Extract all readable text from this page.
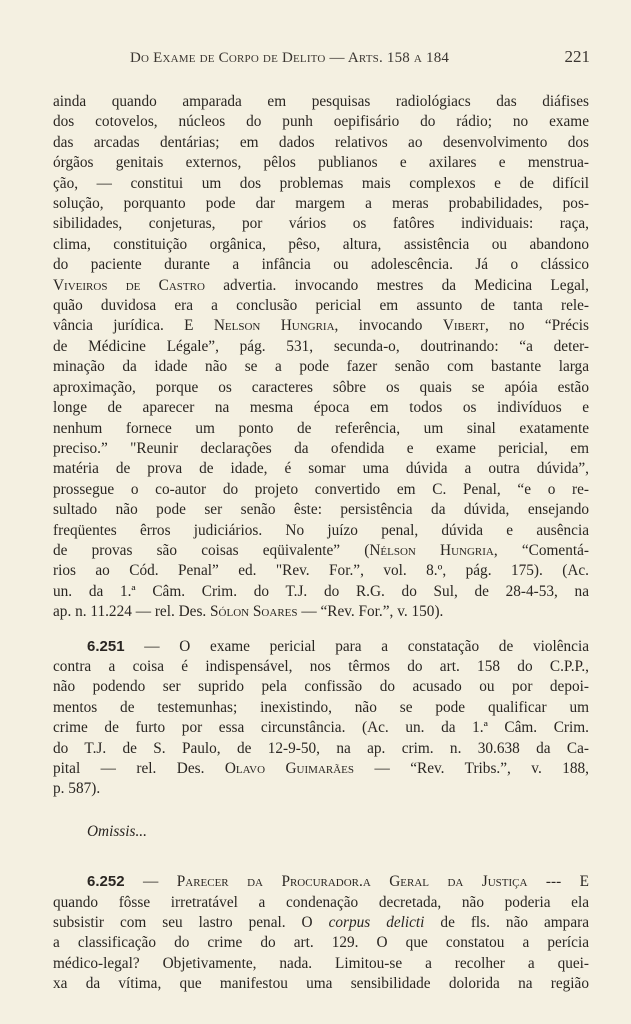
Do Exame de Corpo de Delito — Arts. 158 a 184	221
ainda quando amparada em pesquisas radiológiacs das diáfises
dos cotovelos, núcleos do punh oepifisário do rádio; no exame
das arcadas dentárias; em dados relativos ao desenvolvimento dos
órgãos genitais externos, pêlos publianos e axilares e menstrua-
ção, — constitui um dos problemas mais complexos e de difícil
solução, porquanto pode dar margem a meras probabilidades, pos-
sibilidades, conjeturas, por vários os fatôres individuais: raça,
clima, constituição orgânica, pêso, altura, assistência ou abandono
do paciente durante a infância ou adolescência. Já o clássico
Viveiros de Castro advertia. invocando mestres da Medicina Legal,
quão duvidosa era a conclusão pericial em assunto de tanta rele-
vância jurídica. E Nelson Hungria, invocando Vibert, no “Précis
de Médicine Légale”, pág. 531, secunda-o, doutrinando: “a deter-
minação da idade não se a pode fazer senão com bastante larga
aproximação, porque os caracteres sôbre os quais se apóia estão
longe de aparecer na mesma época em todos os indivíduos e
nenhum fornece um ponto de referência, um sinal exatamente
preciso.” "Reunir declarações da ofendida e exame pericial, em
matéria de prova de idade, é somar uma dúvida a outra dúvida”,
prossegue o co-autor do projeto convertido em C. Penal, “e o re-
sultado não pode ser senão êste: persistência da dúvida, ensejando
freqüentes êrros judiciários. No juízo penal, dúvida e ausência
de provas são coisas eqüivalente” (Nélson Hungria, “Comentá-
rios ao Cód. Penal” ed. "Rev. For.”, vol. 8.º, pág. 175). (Ac.
un. da 1.ª Câm. Crim. do T.J. do R.G. do Sul, de 28-4-53, na
ap. n. 11.224 — rel. Des. Sólon Soares — “Rev. For.”, v. 150).
6.251 — O exame pericial para a constatação de violência
contra a coisa é indispensável, nos têrmos do art. 158 do C.P.P.,
não podendo ser suprido pela confissão do acusado ou por depoi-
mentos de testemunhas; inexistindo, não se pode qualificar um
crime de furto por essa circunstância. (Ac. un. da 1.ª Câm. Crim.
do T.J. de S. Paulo, de 12-9-50, na ap. crim. n. 30.638 da Ca-
pital — rel. Des. Olavo Guimarães — “Rev. Tribs.”, v. 188,
p. 587).
Omissis...
6.252 — Parecer da Procurador.a Geral da Justiça --- E
quando fôsse irretratável a condenação decretada, não poderia ela
subsistir com seu lastro penal. O corpus delicti de fls. não ampara
a classificação do crime do art. 129. O que constatou a perícia
médico-legal? Objetivamente, nada. Limitou-se a recolher a quei-
xa da vítima, que manifestou uma sensibilidade dolorida na região
